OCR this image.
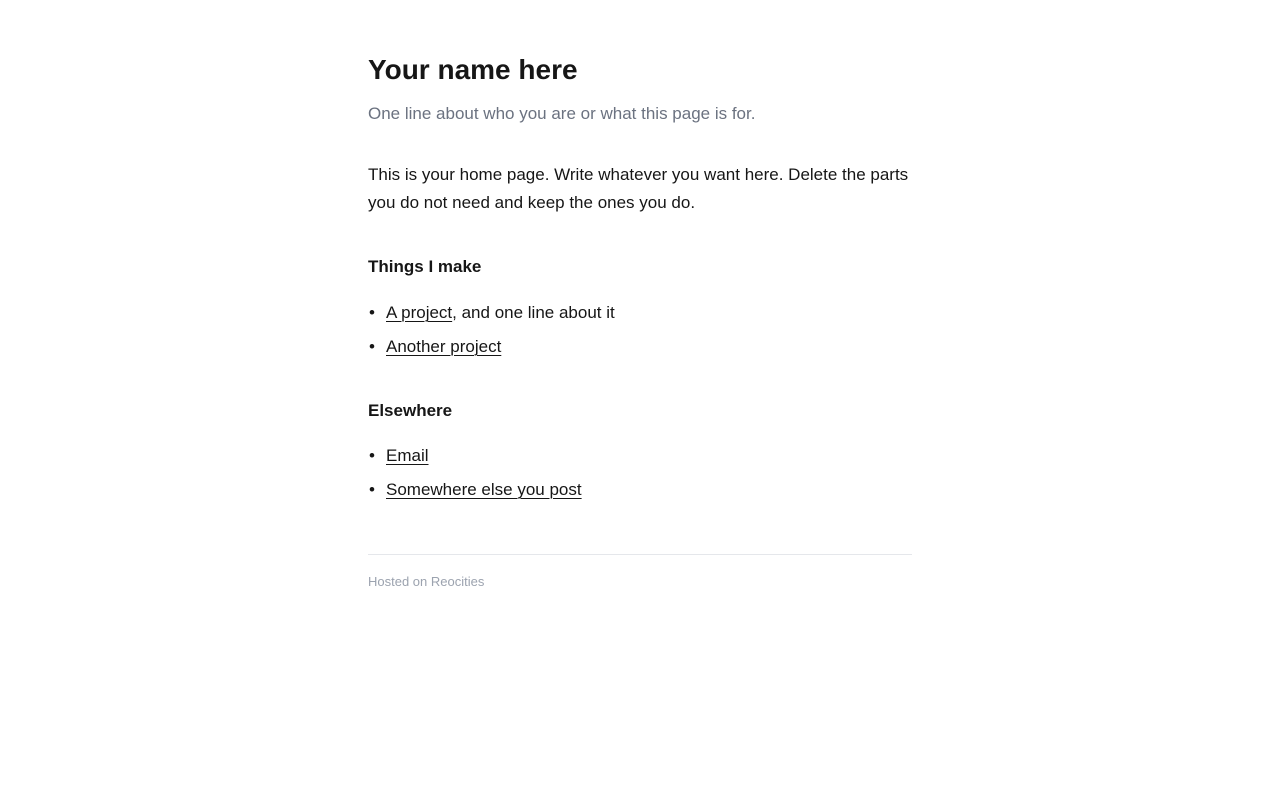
Your name here

One line about who you are or what this page is for.

This is your home page. Write whatever you want here. Delete the parts you do not need and keep the ones you do.

Things I make
• A project, and one line about it
• Another project
Elsewhere
• Email
• Somewhere else you post

Hosted on Reocities
